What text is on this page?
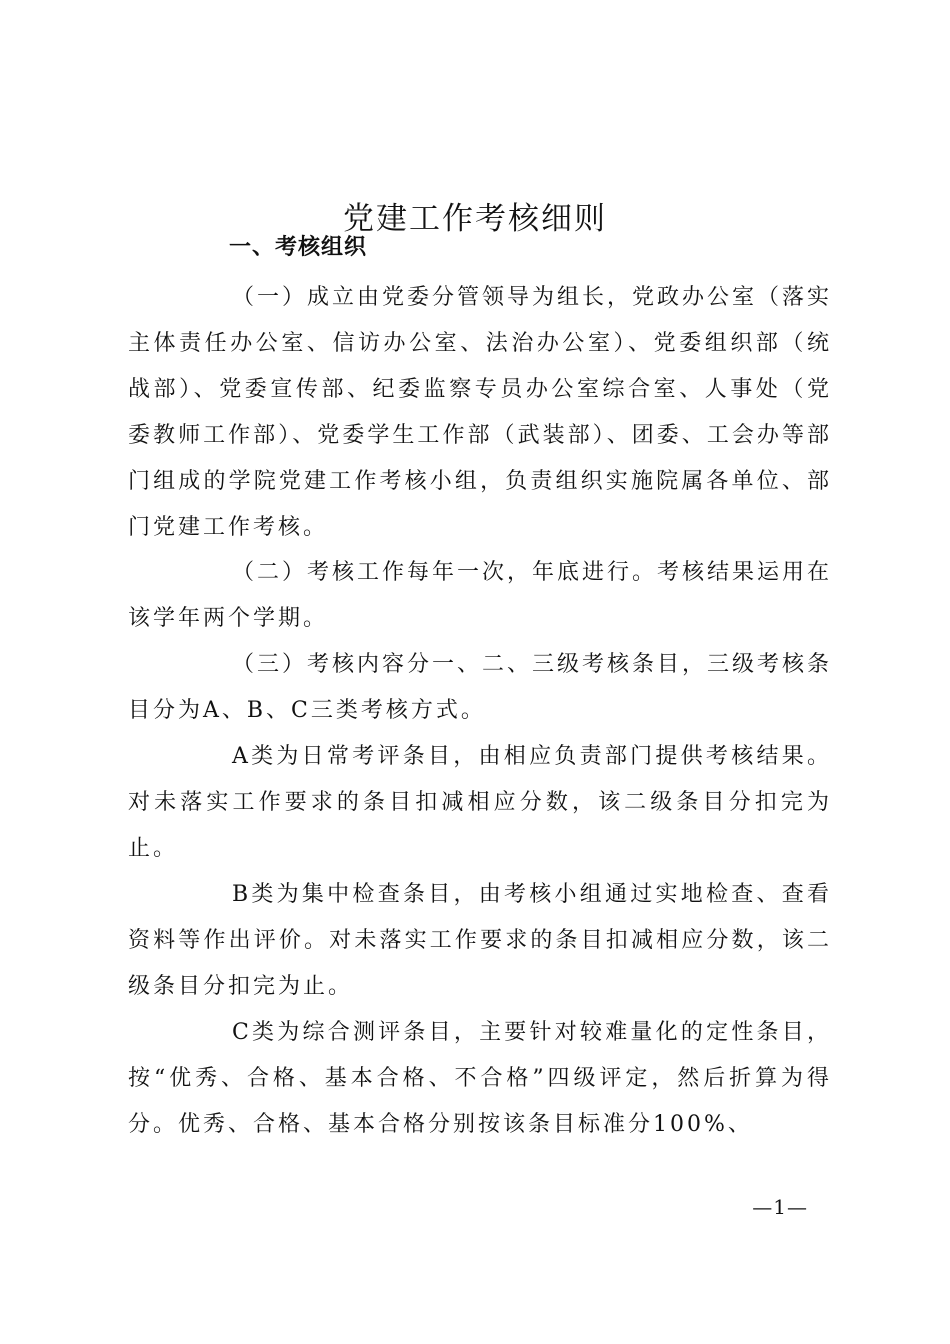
党建工作考核细则
一、考核组织

（一）成立由党委分管领导为组长，党政办公室（落实主体责任办公室、信访办公室、法治办公室）、党委组织部（统战部）、党委宣传部、纪委监察专员办公室综合室、人事处（党委教师工作部）、党委学生工作部（武装部）、团委、工会办等部门组成的学院党建工作考核小组，负责组织实施院属各单位、部门党建工作考核。

（二）考核工作每年一次，年底进行。考核结果运用在该学年两个学期。

（三）考核内容分一、二、三级考核条目，三级考核条目分为A、B、C三类考核方式。

A类为日常考评条目，由相应负责部门提供考核结果。对未落实工作要求的条目扣减相应分数，该二级条目分扣完为止。

B类为集中检查条目，由考核小组通过实地检查、查看资料等作出评价。对未落实工作要求的条目扣减相应分数，该二级条目分扣完为止。

C类为综合测评条目，主要针对较难量化的定性条目，按“优秀、合格、基本合格、不合格”四级评定，然后折算为得分。优秀、合格、基本合格分别按该条目标准分100%、

—1—
